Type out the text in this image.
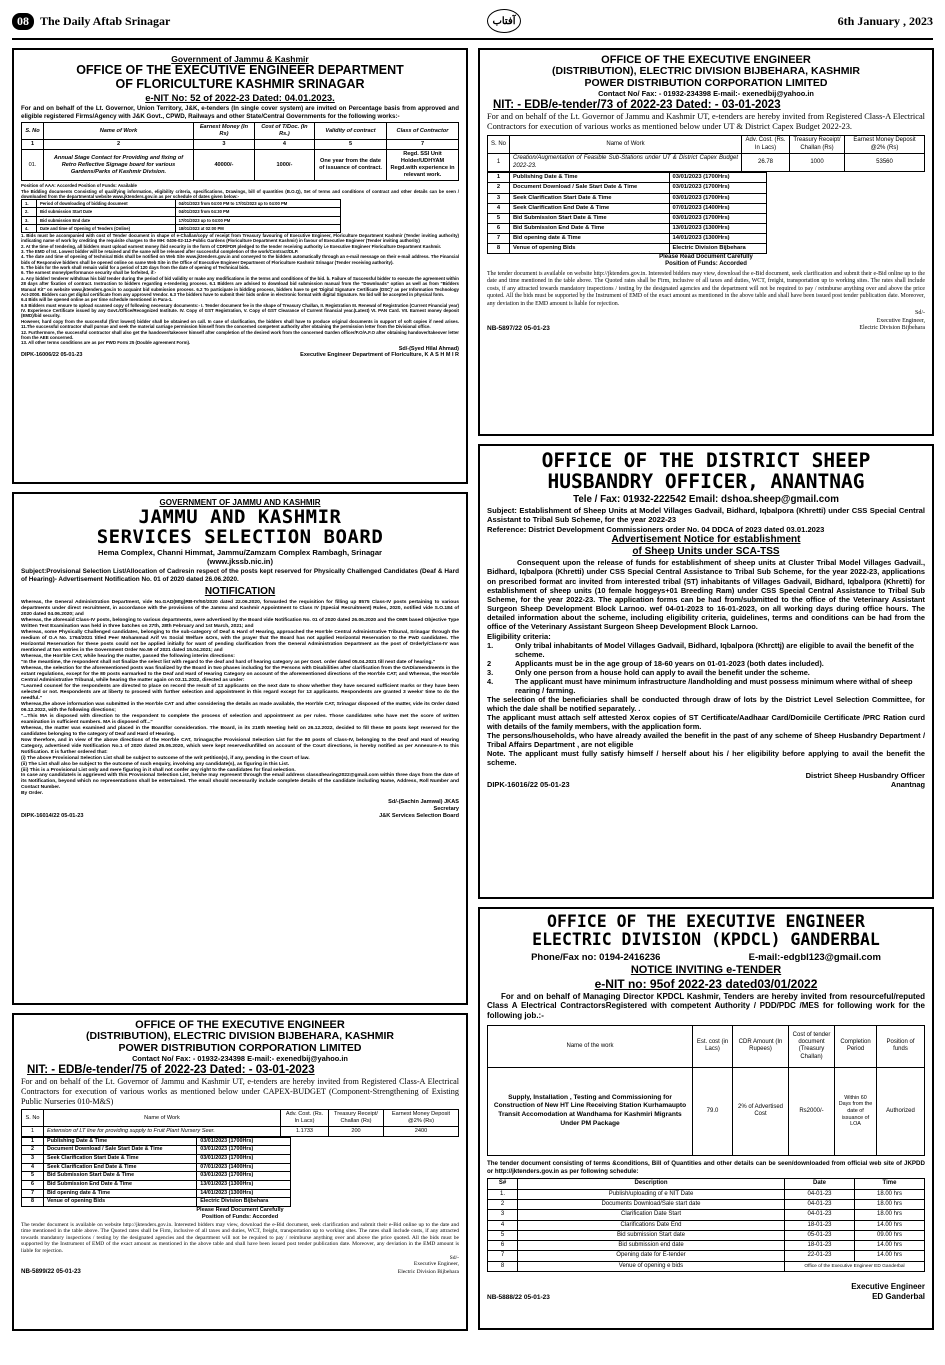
08 The Daily Aftab Srinagar	آفتاب	6th January , 2023

Government of Jammu & Kashmir

OFFICE OF THE EXECUTIVE ENGINEER DEPARTMENT

OF FLORICULTURE KASHMIR SRINAGAR

e-NIT No: 52 of 2022-23 Dated: 04.01.2023.

For and on behalf of the Lt. Governor, Union Territory, J&K, e-tenders (In single cover system) are invited on Percentage basis from approved and eligible registered Firms/Agency with J&K Govt., CPWD, Railways and other State/Central Governments for the following works:-

S. No	Name of Work	Earnest Money (In Rs)	Cost of T/Doc. (In Rs.)	Validity of contract	Class of Contractor
1	2	3	4	5	7
01.	Annual Stage Contact for Providing and fixing of Retro Reflective Signage board for various Gardens/Parks of Kashmir Division.	40000/-	1000/-	One year from the date of issuance of contract.	Regd. SSI Unit Holder/UDHYAM Regd.with experience in relevant work.

Position of AAA: Accorded Position of Funds: Available

The Bidding documents Consisting of qualifying information, eligibility criteria, specifications, Drawings, bill of quantities (B.O.Q), Set of terms and conditions of contract and other details can be seen / downloaded from the departmental website www.jktenders.gov.in as per schedule of dates given below:-

1.	Period of downloading of bidding document	04/01/2023 from 04:00 PM to 17/01/2023 up to 04:00 PM
2.	Bid submission Start Date	04/01/2023 from 04:30 PM
3.	Bid submission End date	17/01/2023 up to 04:00 PM
4.	Date and time of Opening of Tenders (Online)	18/01/2023 at 02:00 PM

1. Bids must be accompanied with cost of Tender document in shape of e-Challan/copy of receipt from Treasury favouring of Executive Engineer, Floriculture Department Kashmir (Tender inviting authority) indicating name of work by crediting the requisite charges to the MH: 0406-02-112-Public Gardens (Floriculture Department Kashmir) in favour of Executive Engineer (Tender inviting authority)

2. At the time of tendering, all bidders must upload earnest money /bid security in the form of CDR/FDR pledged to the tender receiving authority i.e Executive Engineer Floriculture Department Kashmir.

3. The EMD of Ist. Lowest bidder will be retained and the same will be released after successful completion of the work/Contract/DLP.

4. The date and time of opening of technical Bids shall be notified on Web Site www.jktenders.gov.in and conveyed to the bidders automatically through an e-mail message on their e-mail address. The Financial bids of Responsive bidders shall be opened online on same Web Site in the Office of Executive Engineer Department of Floriculture Kashmir Srinagar (Tender receiving authority).

5. The bids for the work shall remain valid for a period of 120 days from the date of opening of Technical bids.

6. The earnest money/performance security shall be forfeited, if:-

a. Any bidder/ tenderer withdraw his bid/ tender during the period of bid validity or make any modifications in the terms and conditions of the bid. b. Failure of Successful bidder to execute the agreement within 28 days after fixation of contract. Instruction to bidders regarding e-tendering process. 6.1 Bidders are advised to download bid submission manual from the "Downloads" option as well as from "Bidders Manual Kit" on website www.jktenders.gov.in to acquaint bid submission process. 6.2 To participate in bidding process, bidders have to get 'Digital Signature Certificate (DSC)' as per Information Technology Act-2000. Bidders can get digital certificate from any approved Vendor. 6.3 The bidders have to submit their bids online in electronic format with digital Signature. No bid will be accepted in physical form.

6.4 Bids will be opened online as per time schedule mentioned in Para-1.

6.5 Bidders must ensure to upload scanned copy of following necessary documents:- I. Tender document fee in the shape of Treasury Challan, II. Registration III. Renewal of Registration (Current Financial year) IV. Experience Certificate issued by any Govt./Office/Recognized Institute. IV. Copy of GST Registration, V. Copy of GST Clearance of Current financial year.(Latest) VI. PAN Card. VII. Earnest money deposit (EMD)/bid security.

However, hard copy from the successful (first lowest) bidder shall be obtained on call. In case of clarification, the bidders shall have to produce original documents in support of soft copies if need arises. 11.The successful contractor shall pursue and seek the material carriage permission himself from the concerned competent authority after obtaining the permission letter from the Divisional office.

12. Furthermore, the successful contractor shall also get the handover/takeover himself after completion of the desired work from the concerned Garden officer/F.O/A.F.O after obtaining handover/takeover letter from the AEE concerned.

13. All other terms conditions are as per PWD Form 25 (Double agreement Form).

Sd/-(Syed Hilal Ahmad)

DIPK-16006/22 05-01-23	Executive Engineer Department of Floriculture, K A S H M I R

GOVERNMENT OF JAMMU AND KASHMIR

JAMMU AND KASHMIR

SERVICES SELECTION BOARD

Hema Complex, Channi Himmat, Jammu/Zamzam Complex Rambagh, Srinagar

(www.jkssb.nic.in)

Subject:Provisional Selection List/Allocation of Cadresin respect of the posts kept reserved for Physically Challenged Candidates (Deaf & Hard of Hearing)- Advertisement Notification No. 01 of 2020 dated 26.06.2020.

NOTIFICATION

Whereas, the General Administration Department, vide No.GAD(Mtg)RB-IV/50/2020 dated 22.06.2020, forwarded the requisition for filling up 8575 Class-IV posts pertaining to various departments under direct recruitment, in accordance with the provisions of the Jammu and Kashmir Appointment to Class IV (Special Recruitment) Rules, 2020, notified vide S.O.184 of 2020 dated 04.06.2020; and

Whereas, the aforesaid Class-IV posts, belonging to various departments, were advertised by the Board vide Notification No. 01 of 2020 dated 26.06.2020 and the OMR based Objective Type Written Test Examination was held in three batches on 27th, 28th February and 1st March, 2021; and

Whereas, some Physically Challenged candidates, belonging to the sub-category of Deaf & Hard of Hearing, approached the Hon'ble Central Administrative Tribunal, Srinagar through the medium of O.A No. 1764/2021 titled Peer Mohammad Arif Vs Social Welfare &Ors, with the prayer that the Board has not applied Horizontal Reservation to the PwD candidates. The Horizontal Reservation for these posts could not be applied initially for want of pending clarification from the General Administration Department as the post of Orderly/Class-IV was mentioned at two entries in the Government Order No.59 of 2021 dated 15.04.2021; and

Whereas, the Hon'ble CAT, while hearing the matter, passed the following interim directions:

"In the meantime, the respondent shall not finalize the select list with regard to the deaf and hard of hearing category as per Govt. order dated 05.04.2021 till next date of hearing."

Whereas, the selection for the aforementioned posts was finalized by the Board in two phases including for the Persons with Disabilities after clarification from the GAD/amendments in the extant regulations, except for the 80 posts earmarked to the Deaf and Hard of Hearing Category on account of the aforementioned directions of the Hon'ble CAT; and Whereas, the Hon'ble Central Administrative Tribunal, while hearing the matter again on 03.11.2022, directed as under:

"Learned counsel for the respondents are directed to place on record the result of 13 applicants on the next date to show whether they have secured sufficient marks or they have been selected or not. Respondents are at liberty to proceed with further selection and appointment in this regard except for 13 applicants. Respondents are granted 3 weeks' time to do the needful."

Whereas,the above information was submitted in the Hon'ble CAT and after considering the details as made available, the Hon'ble CAT, Srinagar disposed of the matter, vide its Order dated 06.12.2022, with the following directions;

"...This MA is disposed with direction to the respondent to complete the process of selection and appointment as per rules. Those candidates who have met the score of written examination in sufficient numbers. MA is disposed off..."

Whereas, the matter was examined and placed in the Boardfor consideration. The Board, in its 216th Meeting held on 26.12.2022, decided to fill these 80 posts kept reserved for the candidates belonging to the category of Deaf and Hard of Hearing.

Now therefore, and in view of the above directions of the Hon'ble CAT, Srinagar,the Provisional Selection List for the 80 posts of Class-IV, belonging to the Deaf and Hard of Hearing Category, advertised vide Notification No.1 of 2020 dated 26.06.2020, which were kept reserved/unfilled on account of the Court directions, is hereby notified as per Annexure-A to this Notification. It is further ordered that:

(i) The above Provisional Selection List shall be subject to outcome of the writ petition(s), if any, pending in the Court of law.

(ii) The List shall also be subject to the outcome of such enquiry, involving any candidate(s), as figuring in this List.

(iii) This is a Provisional List only and mere figuring in it shall not confer any right to the candidates for final selection.

In case any candidate/s is aggrieved with this Provisional Selection List, he/she may represent through the email address class4hearing2022@gmail.com within three days from the date of its Notification, beyond which no representations shall be entertained. The email should necessarily include complete details of the candidate including Name, Address, Roll Number and Contact Number.

By Order.

Sd/-(Sachin Jamwal) JKAS

Secretary

DIPK-16014/22 05-01-23	J&K Services Selection Board

OFFICE OF THE EXECUTIVE ENGINEER

(DISTRIBUTION), ELECTRIC DIVISION BIJBEHARA, KASHMIR

POWER DISTRIBUTION CORPORATION LIMITED

Contact No/ Fax: - 01932-234398 E-mail:- exenedbij@yahoo.in

NIT: - EDB/e-tender/73 of 2022-23 Dated: - 03-01-2023

For and on behalf of the Lt. Governor of Jammu and Kashmir UT, e-tenders are hereby invited from Registered Class-A Electrical Contractors for execution of various works as mentioned below under UT & District Capex Budget 2022-23.

S. No	Name of Work	Adv. Cost. (Rs. In Lacs)	Treasury Receipt/ Challan (Rs)	Earnest Money Deposit @2% (Rs)
1	Creation/Augmentation of Feasible Sub-Stations under UT & District Capex Budget 2022-23.	26.78	1000	53560
1	Publishing Date & Time	03/01/2023 (1700Hrs)
2	Document Download / Sale Start Date & Time	03/01/2023 (1700Hrs)
3	Seek Clarification Start Date & Time	03/01/2023 (1700Hrs)
4	Seek Clarification End Date & Time	07/01/2023 (1400Hrs)
5	Bid Submission Start Date & Time	03/01/2023 (1700Hrs)
6	Bid Submission End Date & Time	13/01/2023 (1300Hrs)
7	Bid opening date & Time	14/01/2023 (1300Hrs)
8	Venue of opening Bids	Electric Division Bijbehara

Please Read Document Carefully

Position of Funds: Accorded

The tender document is available on website http://jktenders.gov.in. Interested bidders may view, download the e-Bid document, seek clarification and submit their e-Bid online up to the date and time mentioned in the table above. The Quoted rates shall be Firm, inclusive of all taxes and duties, WCT, freight, transportation up to working sites. The rates shall include costs, if any attracted towards mandatory inspections / testing by the designated agencies and the department will not be required to pay / reimburse anything over and above the price quoted. All the bids must be supported by the Instrument of EMD of the exact amount as mentioned in the above table and shall have been issued post tender publication date. Moreover, any deviation in the EMD amount is liable for rejection.

Sd/-

Executive Engineer,

NB-5897/22 05-01-23	Electric Division Bijbehara

OFFICE OF THE DISTRICT SHEEP

HUSBANDRY OFFICER, ANANTNAG

Tele / Fax: 01932-222542 Email: dshoa.sheep@gmail.com

Subject: Establishment of Sheep Units at Model Villages Gadvail, Bidhard, Iqbalpora (Khretti) under CSS Special Central Assistant to Tribal Sub Scheme, for the year 2022-23

Reference: District Development Commissioners order No. 04 DDCA of 2023 dated 03.01.2023

Advertisement Notice for establishment

of Sheep Units under SCA-TSS

Consequent upon the release of funds for establishment of sheep units at Cluster Tribal Model Villages Gadvail., Bidhard, Iqbalpora (Khretti) under CSS Special Central Assistance to Tribal Sub Scheme, for the year 2022-23, applications on prescribed format arc invited from interested tribal (ST) inhabitants of Villages Gadvail, Bidhard, Iqbalpora (Khretti) for establishment of sheep units (10 female hoggeys+01 Breeding Ram) under CSS Special Central Assistance to Tribal Sub Scheme, for the year 2022-23. The application forms can be had from/submitted to the office of the Veterinary Assistant Surgeon Sheep Development Block Larnoo. wef 04-01-2023 to 16-01-2023, on all working days during office hours. The detailed information about the scheme, including eligibility criteria, guidelines, terms and conditions can be had from the office of the Veterinary Assistant Surgeon Sheep Development Block Larnoo.

Eligibility criteria:

1.	Only tribal inhabitants of Model Villages Gadvail, Bidhard, Iqbalpora (Khrcttj) are eligible to avail the benefit of the scheme.
2	Applicants must be in the age group of 18-60 years on 01-01-2023 (both dates included).
3.	Only one person from a house hold can apply to avail the benefit under the scheme.
4.	The applicant must have minimum infrastructure /landholding and must possess minimum where withal of sheep rearing / farming.

The selection of the beneficiaries shall be conducted through draw of lots by the District Level Selection Committee, for which the dale shall be notified separately. .

The applicant must attach self attested Xerox copies of ST Certificate/Aadhaar Card/Domicile Certificate /PRC Ration curd with details of the family members, with the application form.

The persons/households, who have already availed the benefit in the past of any scheme of Sheep Husbandry Department / Tribal Affairs Department , are not eligible

Note. The applicant must fully satisfy himself / herself about his / her eligibility before applying to avail the benefit the scheme.

District Sheep Husbandry Officer

DIPK-16016/22 05-01-23	Anantnag

OFFICE OF THE EXECUTIVE ENGINEER

ELECTRIC DIVISION (KPDCL) GANDERBAL

Phone/Fax no: 0194-2416236	E-mail:-edgbl123@gmail.com

NOTICE INVITING e-TENDER

e-NIT no: 95of 2022-23 dated03/01/2022

For and on behalf of Managing Director KPDCL Kashmir, Tenders are hereby invited from resourceful/reputed Class A Electrical ContractorsRegistered with competent Authority / PDD/PDC /MES for following work for the following job.:-

Name of the work	Est. cost (in Lacs)	CDR Amount (In Rupees)	Cost of tender document (Treasury Challan)	Completion Period	Position of funds
Supply, Installation , Testing and Commissioning for Construction of New HT Line Receiving Station Kurhamaupto Transit Accomodation at Wandhama for Kashmiri Migrants Under PM Package	79.0	2% of Advertised Cost	Rs2000/-	Within 60 Days from the date of issuance of LOA	Authorized

The tender document consisting of terms &conditions, Bill of Quantities and other details can be seen/downloaded from official web site of JKPDD or http://jktenders.gov.in as per following schedule:

S#	Description	Date	Time
1.	Publish/uploading of e NIT Date	04-01-23	18.00 hrs
2	Documents Download/Sale start date	04-01-23	18.00 hrs
3	Clarification Date Start	04-01-23	18.00 hrs
4	Clarifications Date End	18-01-23	14.00 hrs
5	Bid submission Start date	05-01-23	09.00 hrs
6	Bid submission end date	18-01-23	14.00 hrs
7	Opening date for E-tender	22-01-23	14.00 hrs
8	Venue of opening e bids	Office of the Executive Engineer ED Ganderbal	

Executive Engineer

NB-5888/22 05-01-23	ED Ganderbal

OFFICE OF THE EXECUTIVE ENGINEER

(DISTRIBUTION), ELECTRIC DIVISION BIJBEHARA, KASHMIR

POWER DISTRIBUTION CORPORATION LIMITED

Contact No/ Fax: - 01932-234398 E-mail:- exenedbij@yahoo.in

NIT: - EDB/e-tender/75 of 2022-23 Dated: - 03-01-2023

For and on behalf of the Lt. Governor of Jammu and Kashmir UT, e-tenders are hereby invited from Registered Class-A Electrical Contractors for execution of various works as mentioned below under CAPEX-BUDGET (Component-Strengthening of Existing Public Nurseries 010-M&S)

S. No	Name of Work	Adv. Cost. (Rs. In Lacs)	Treasury Receipt/ Challan (Rs)	Earnest Money Deposit @2% (Rs)
1	Extension of LT line for providing supply to Fruit Plant Nursery Seer.	1.1733	200	2400
1	Publishing Date & Time	03/01/2023 (1700Hrs)
2	Document Download / Sale Start Date & Time	03/01/2023 (1700Hrs)
3	Seek Clarification Start Date & Time	03/01/2023 (1700Hrs)
4	Seek Clarification End Date & Time	07/01/2023 (1400Hrs)
5	Bid Submission Start Date & Time	03/01/2023 (1700Hrs)
6	Bid Submission End Date & Time	13/01/2023 (1300Hrs)
7	Bid opening date & Time	14/01/2023 (1300Hrs)
8	Venue of opening Bids	Electric Division Bijbehara

Please Read Document Carefully

Position of Funds: Accorded

The tender document is available on website http://jktenders.gov.in. Interested bidders may view, download the e-Bid document, seek clarification and submit their e-Bid online up to the date and time mentioned in the table above. The Quoted rates shall be Firm, inclusive of all taxes and duties, WCT, freight, transportation up to working sites. The rates shall include costs, if any attracted towards mandatory inspections / testing by the designated agencies and the department will not be required to pay / reimburse anything over and above the price quoted. All the bids must be supported by the Instrument of EMD of the exact amount as mentioned in the above table and shall have been issued post tender publication date. Moreover, any deviation in the EMD amount is liable for rejection.

Sd/-

Executive Engineer,

NB-5899/22 05-01-23	Electric Division Bijbehara
